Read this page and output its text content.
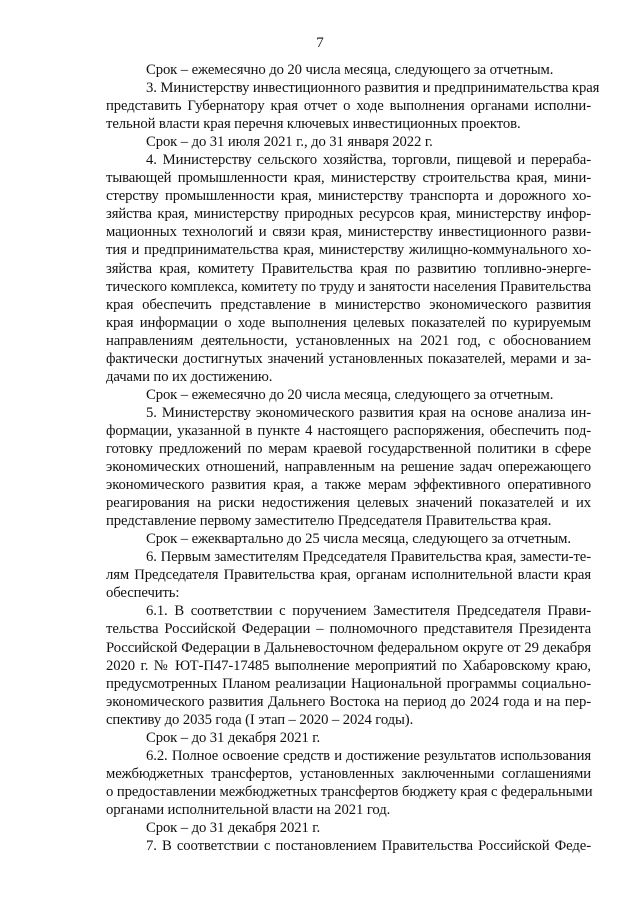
7
Срок – ежемесячно до 20 числа месяца, следующего за отчетным.
3. Министерству инвестиционного развития и предпринимательства края
представить Губернатору края отчет о ходе выполнения органами исполни-
тельной власти края перечня ключевых инвестиционных проектов.
Срок – до 31 июля 2021 г., до 31 января 2022 г.
4. Министерству сельского хозяйства, торговли, пищевой и перераба-
тывающей промышленности края, министерству строительства края, мини-
стерству промышленности края, министерству транспорта и дорожного хо-
зяйства края, министерству природных ресурсов края, министерству инфор-
мационных технологий и связи края, министерству инвестиционного разви-
тия и предпринимательства края, министерству жилищно-коммунального хо-
зяйства края, комитету Правительства края по развитию топливно-энерге-
тического комплекса, комитету по труду и занятости населения Правительства
края обеспечить представление в министерство экономического развития
края информации о ходе выполнения целевых показателей по курируемым
направлениям деятельности, установленных на 2021 год, с обоснованием
фактически достигнутых значений установленных показателей, мерами и за-
дачами по их достижению.
Срок – ежемесячно до 20 числа месяца, следующего за отчетным.
5. Министерству экономического развития края на основе анализа ин-
формации, указанной в пункте 4 настоящего распоряжения, обеспечить под-
готовку предложений по мерам краевой государственной политики в сфере
экономических отношений, направленным на решение задач опережающего
экономического развития края, а также мерам эффективного оперативного
реагирования на риски недостижения целевых значений показателей и их
представление первому заместителю Председателя Правительства края.
Срок – ежеквартально до 25 числа месяца, следующего за отчетным.
6. Первым заместителям Председателя Правительства края, замести-те-
лям Председателя Правительства края, органам исполнительной власти края
обеспечить:
6.1. В соответствии с поручением Заместителя Председателя Прави-
тельства Российской Федерации – полномочного представителя Президента
Российской Федерации в Дальневосточном федеральном округе от 29 декабря
2020 г. № ЮТ-П47-17485 выполнение мероприятий по Хабаровскому краю,
предусмотренных Планом реализации Национальной программы социально-
экономического развития Дальнего Востока на период до 2024 года и на пер-
спективу до 2035 года (I этап – 2020 – 2024 годы).
Срок – до 31 декабря 2021 г.
6.2. Полное освоение средств и достижение результатов использования
межбюджетных трансфертов, установленных заключенными соглашениями
о предоставлении межбюджетных трансфертов бюджету края с федеральными
органами исполнительной власти на 2021 год.
Срок – до 31 декабря 2021 г.
7. В соответствии с постановлением Правительства Российской Феде-
